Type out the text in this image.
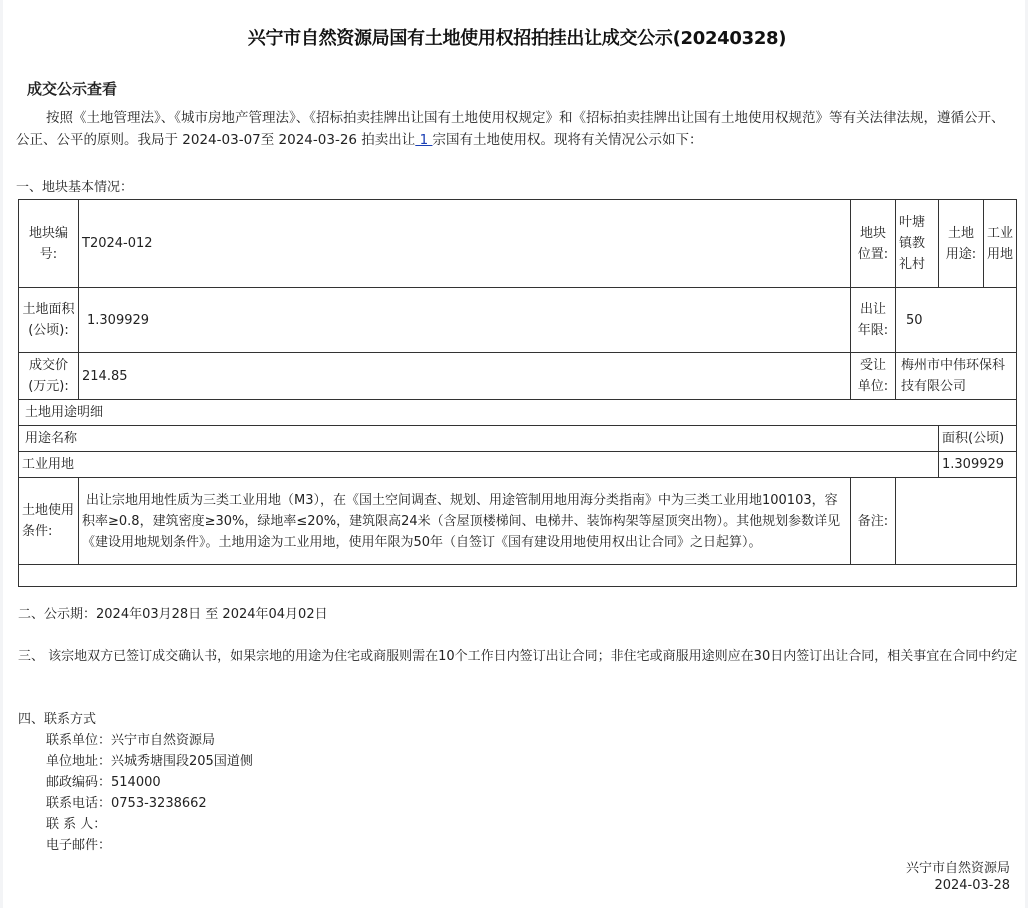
兴宁市自然资源局国有土地使用权招拍挂出让成交公示(20240328)
成交公示查看
按照《土地管理法》、《城市房地产管理法》、《招标拍卖挂牌出让国有土地使用权规定》和《招标拍卖挂牌出让国有土地使用权规范》等有关法律法规，遵循公开、公正、公平的原则。我局于 2024-03-07至 2024-03-26 拍卖出让 1 宗国有土地使用权。现将有关情况公示如下：
一、地块基本情况：
地块编号:	T2024-012	地块位置:	叶塘镇教礼村	土地用途:	工业用地
土地面积(公顷):	1.309929	出让年限:	50		
成交价(万元):	214.85	受让单位:	梅州市中伟环保科技有限公司		
土地用途明细					
用途名称				面积(公顷)	
工业用地				1.309929	
土地使用条件:	出让宗地用地性质为三类工业用地（M3），在《国土空间调查、规划、用途管制用地用海分类指南》中为三类工业用地100103，容积率≥0.8，建筑密度≥30%，绿地率≤20%，建筑限高24米（含屋顶楼梯间、电梯井、装饰构架等屋顶突出物）。其他规划参数详见《建设用地规划条件》。土地用途为工业用地，使用年限为50年（自签订《国有建设用地使用权出让合同》之日起算）。	备注:			

二、公示期：2024年03月28日 至 2024年04月02日
三、 该宗地双方已签订成交确认书，如果宗地的用途为住宅或商服则需在10个工作日内签订出让合同；非住宅或商服用途则应在30日内签订出让合同，相关事宜在合同中约定
四、联系方式
联系单位：兴宁市自然资源局
单位地址：兴城秀塘围段205国道侧
邮政编码：514000
联系电话：0753-3238662
联 系 人：
电子邮件：
兴宁市自然资源局
2024-03-28
